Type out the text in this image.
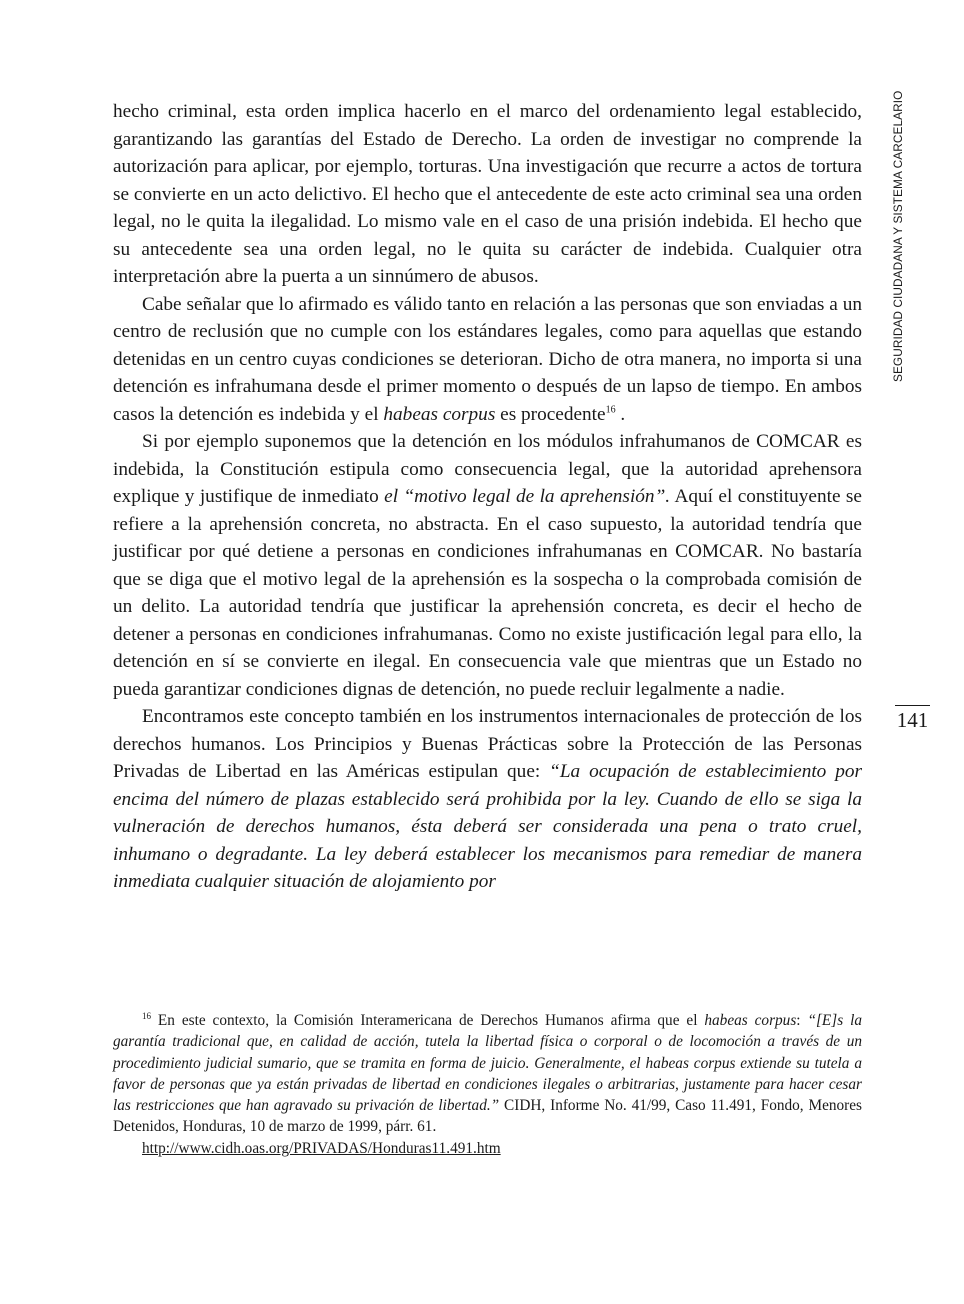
hecho criminal, esta orden implica hacerlo en el marco del ordenamiento legal establecido, garantizando las garantías del Estado de Derecho. La orden de investigar no comprende la autorización para aplicar, por ejemplo, torturas. Una investigación que recurre a actos de tortura se convierte en un acto delictivo. El hecho que el antecedente de este acto criminal sea una orden legal, no le quita la ilegalidad. Lo mismo vale en el caso de una prisión indebida. El hecho que su antecedente sea una orden legal, no le quita su carácter de indebida. Cualquier otra interpretación abre la puerta a un sinnúmero de abusos.

Cabe señalar que lo afirmado es válido tanto en relación a las personas que son enviadas a un centro de reclusión que no cumple con los estándares legales, como para aquellas que estando detenidas en un centro cuyas condiciones se deterioran. Dicho de otra manera, no importa si una detención es infrahumana desde el primer momento o después de un lapso de tiempo. En ambos casos la detención es indebida y el habeas corpus es procedente$^{16}$ .

Si por ejemplo suponemos que la detención en los módulos infrahumanos de COMCAR es indebida, la Constitución estipula como consecuencia legal, que la autoridad aprehensora explique y justifique de inmediato el “motivo legal de la aprehensión”. Aquí el constituyente se refiere a la aprehensión concreta, no abstracta. En el caso supuesto, la autoridad tendría que justificar por qué detiene a personas en condiciones infrahumanas en COMCAR. No bastaría que se diga que el motivo legal de la aprehensión es la sospecha o la comprobada comisión de un delito. La autoridad tendría que justificar la aprehensión concreta, es decir el hecho de detener a personas en condiciones infrahumanas. Como no existe justificación legal para ello, la detención en sí se convierte en ilegal. En consecuencia vale que mientras que un Estado no pueda garantizar condiciones dignas de detención, no puede recluir legalmente a nadie.

Encontramos este concepto también en los instrumentos internacionales de protección de los derechos humanos. Los Principios y Buenas Prácticas sobre la Protección de las Personas Privadas de Libertad en las Américas estipulan que: “La ocupación de establecimiento por encima del número de plazas establecido será prohibida por la ley. Cuando de ello se siga la vulneración de derechos humanos, ésta deberá ser considerada una pena o trato cruel, inhumano o degradante. La ley deberá establecer los mecanismos para remediar de manera inmediata cualquier situación de alojamiento por

$^{16}$ En este contexto, la Comisión Interamericana de Derechos Humanos afirma que el habeas corpus: “[E]s la garantía tradicional que, en calidad de acción, tutela la libertad física o corporal o de locomoción a través de un procedimiento judicial sumario, que se tramita en forma de juicio. Generalmente, el habeas corpus extiende su tutela a favor de personas que ya están privadas de libertad en condiciones ilegales o arbitrarias, justamente para hacer cesar las restricciones que han agravado su privación de libertad.” CIDH, Informe No. 41/99, Caso 11.491, Fondo, Menores Detenidos, Honduras, 10 de marzo de 1999, párr. 61.

http://www.cidh.oas.org/PRIVADAS/Honduras11.491.htm
SEGURIDAD CIUDADANA Y SISTEMA CARCELARIO
141
